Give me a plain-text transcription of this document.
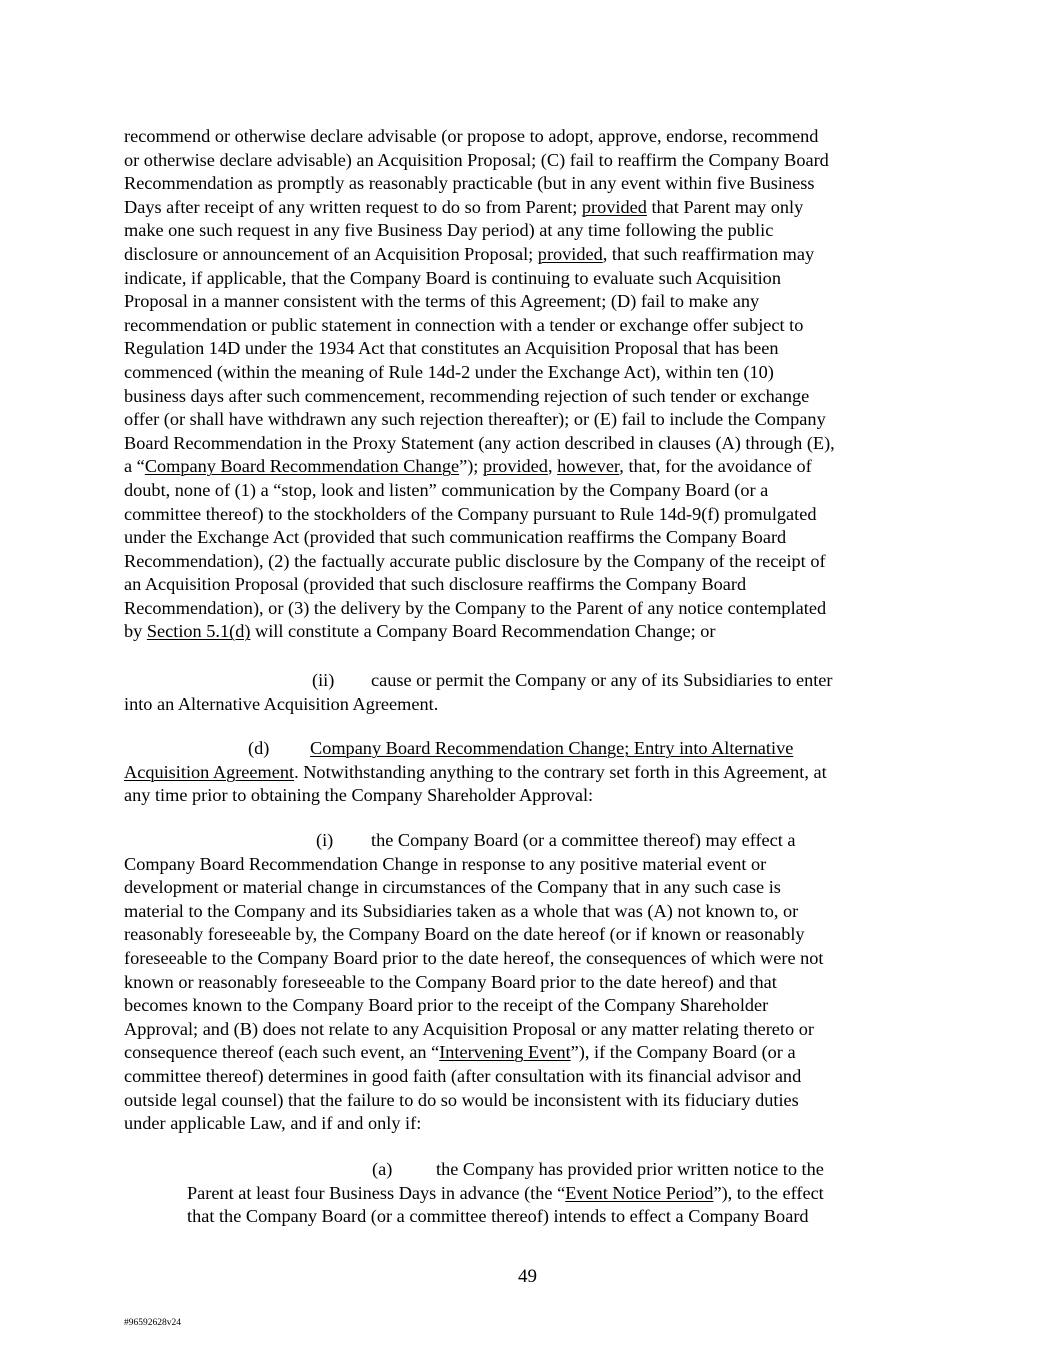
recommend or otherwise declare advisable (or propose to adopt, approve, endorse, recommend
or otherwise declare advisable) an Acquisition Proposal; (C) fail to reaffirm the Company Board
Recommendation as promptly as reasonably practicable (but in any event within five Business
Days after receipt of any written request to do so from Parent; provided that Parent may only
make one such request in any five Business Day period) at any time following the public
disclosure or announcement of an Acquisition Proposal; provided, that such reaffirmation may
indicate, if applicable, that the Company Board is continuing to evaluate such Acquisition
Proposal in a manner consistent with the terms of this Agreement; (D) fail to make any
recommendation or public statement in connection with a tender or exchange offer subject to
Regulation 14D under the 1934 Act that constitutes an Acquisition Proposal that has been
commenced (within the meaning of Rule 14d-2 under the Exchange Act), within ten (10)
business days after such commencement, recommending rejection of such tender or exchange
offer (or shall have withdrawn any such rejection thereafter); or (E) fail to include the Company
Board Recommendation in the Proxy Statement (any action described in clauses (A) through (E),
a “Company Board Recommendation Change”); provided, however, that, for the avoidance of
doubt, none of (1) a “stop, look and listen” communication by the Company Board (or a
committee thereof) to the stockholders of the Company pursuant to Rule 14d-9(f) promulgated
under the Exchange Act (provided that such communication reaffirms the Company Board
Recommendation), (2) the factually accurate public disclosure by the Company of the receipt of
an Acquisition Proposal (provided that such disclosure reaffirms the Company Board
Recommendation), or (3) the delivery by the Company to the Parent of any notice contemplated
by Section 5.1(d) will constitute a Company Board Recommendation Change; or
(ii) cause or permit the Company or any of its Subsidiaries to enter
into an Alternative Acquisition Agreement.
(d) Company Board Recommendation Change; Entry into Alternative
Acquisition Agreement. Notwithstanding anything to the contrary set forth in this Agreement, at
any time prior to obtaining the Company Shareholder Approval:
(i) the Company Board (or a committee thereof) may effect a
Company Board Recommendation Change in response to any positive material event or
development or material change in circumstances of the Company that in any such case is
material to the Company and its Subsidiaries taken as a whole that was (A) not known to, or
reasonably foreseeable by, the Company Board on the date hereof (or if known or reasonably
foreseeable to the Company Board prior to the date hereof, the consequences of which were not
known or reasonably foreseeable to the Company Board prior to the date hereof) and that
becomes known to the Company Board prior to the receipt of the Company Shareholder
Approval; and (B) does not relate to any Acquisition Proposal or any matter relating thereto or
consequence thereof (each such event, an “Intervening Event”), if the Company Board (or a
committee thereof) determines in good faith (after consultation with its financial advisor and
outside legal counsel) that the failure to do so would be inconsistent with its fiduciary duties
under applicable Law, and if and only if:
(a) the Company has provided prior written notice to the
Parent at least four Business Days in advance (the “Event Notice Period”), to the effect
that the Company Board (or a committee thereof) intends to effect a Company Board
49
#96592628v24
